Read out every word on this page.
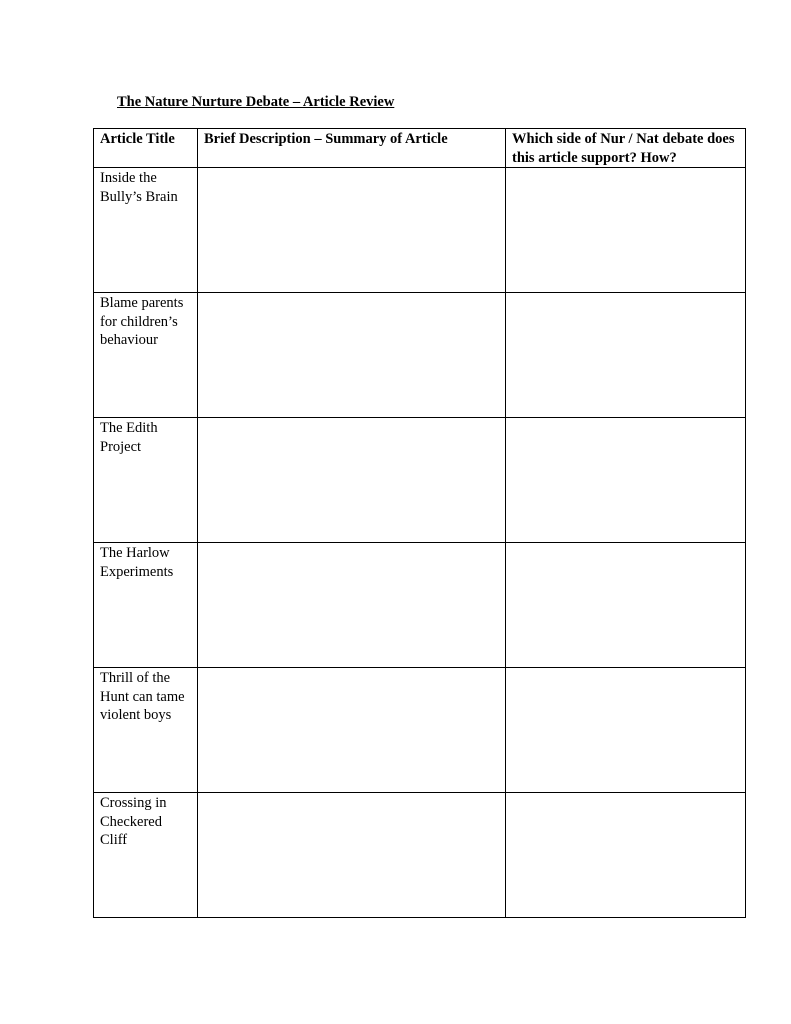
The Nature Nurture Debate – Article Review
Article Title	Brief Description – Summary of Article	Which side of Nur / Nat debate does this article support? How?
Inside the Bully’s Brain		
Blame parents for children’s behaviour		
The Edith Project		
The Harlow Experiments		
Thrill of the Hunt can tame violent boys		
Crossing in Checkered Cliff		
